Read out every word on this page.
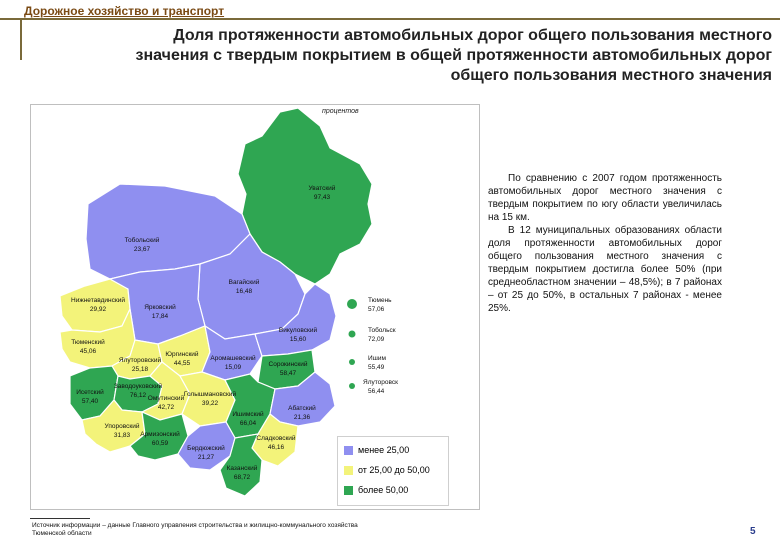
Дорожное хозяйство и транспорт
Доля протяженности автомобильных дорог общего пользования местного значения с твердым покрытием в общей протяженности автомобильных дорог общего пользования местного значения
Уватский
97,43
Тобольский
23,67
Вагайский
16,48
Нижнетавдинский
29,92	Ярковский
17,84
Тюменский
45,06
Ялуторовский
25,18
Юргинский
44,55
Аромашевский
15,09
Викуловский
15,60
Сорокинский
58,47
Исетский
57,40
Заводоуковский
76,12
Упоровский
31,83
Омутинский
42,72
Голышмановский
39,22
Ишимский
66,04
Абатский
21,36
Армизонский
60,59
Бердюжский
21,27
Сладковский
46,16
Казанский
68,72
Тюмень
57,06
Тобольск
72,09
Ишим
55,49
Ялуторовск
56,44
процентов
менее 25,00
от 25,00 до 50,00
более 50,00

По сравнению с 2007 годом протяженность автомобильных дорог местного значения с твердым покрытием по югу области увеличилась на 15 км.

В 12 муниципальных образованиях области доля протяженности автомобильных дорог общего пользования местного значения с твердым покрытием достигла более 50% (при среднеобластном значении – 48,5%); в 7 районах – от 25 до 50%, в остальных 7 районах - менее 25%.

Источник информации – данные Главного управления строительства и жилищно-коммунального хозяйства Тюменской области	5
